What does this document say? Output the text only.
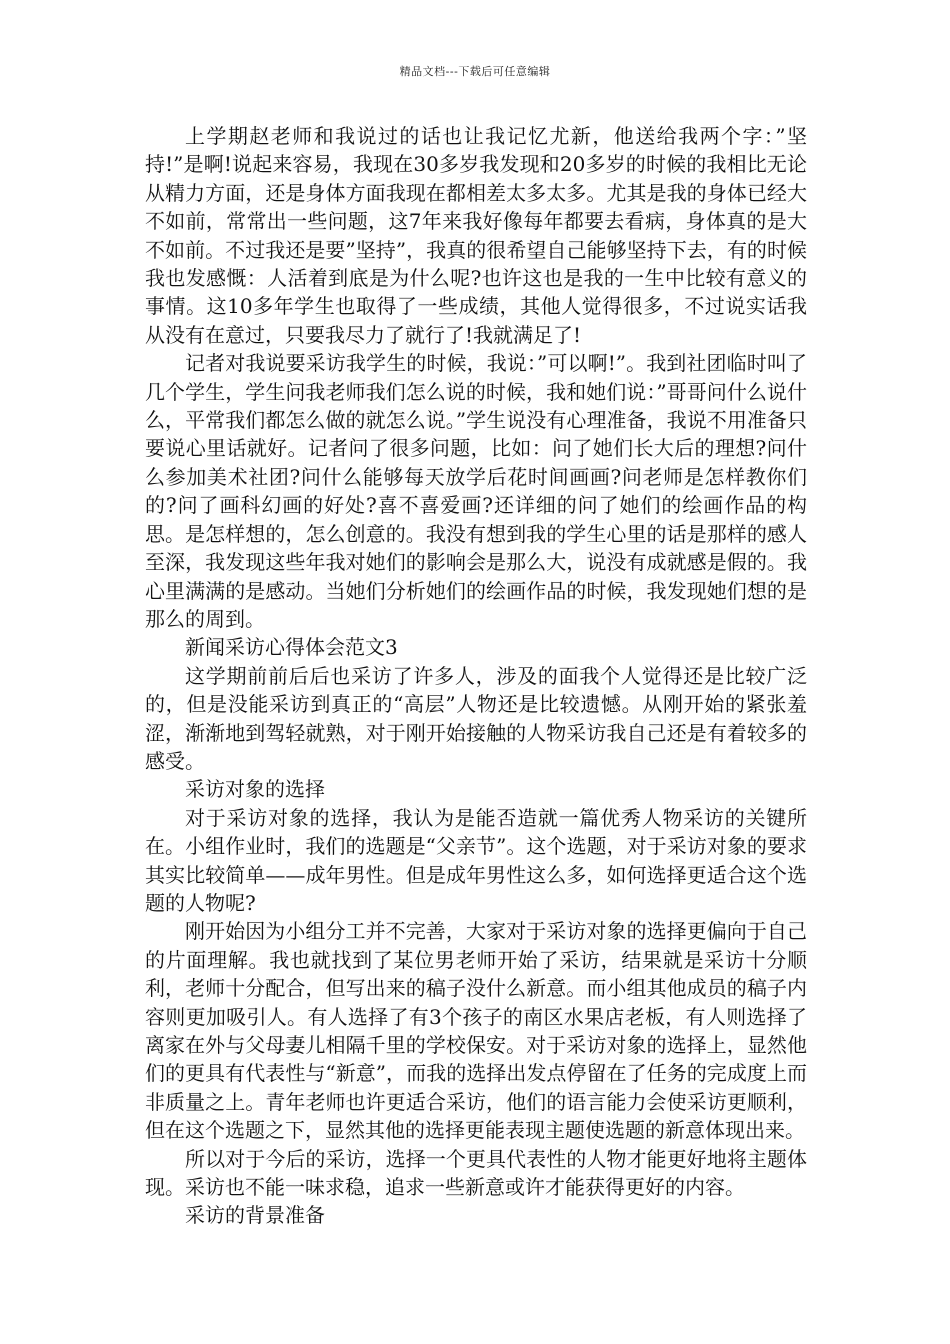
精品文档---下载后可任意编辑

上学期赵老师和我说过的话也让我记忆尤新，他送给我两个字：”坚持!”是啊!说起来容易，我现在30多岁我发现和20多岁的时候的我相比无论从精力方面，还是身体方面我现在都相差太多太多。尤其是我的身体已经大不如前，常常出一些问题，这7年来我好像每年都要去看病，身体真的是大不如前。不过我还是要”坚持”，我真的很希望自己能够坚持下去，有的时候我也发感慨：人活着到底是为什么呢?也许这也是我的一生中比较有意义的事情。这10多年学生也取得了一些成绩，其他人觉得很多，不过说实话我从没有在意过，只要我尽力了就行了!我就满足了!

记者对我说要采访我学生的时候，我说：”可以啊!”。我到社团临时叫了几个学生，学生问我老师我们怎么说的时候，我和她们说：”哥哥问什么说什么，平常我们都怎么做的就怎么说。”学生说没有心理准备，我说不用准备只要说心里话就好。记者问了很多问题，比如：问了她们长大后的理想?问什么参加美术社团?问什么能够每天放学后花时间画画?问老师是怎样教你们的?问了画科幻画的好处?喜不喜爱画?还详细的问了她们的绘画作品的构思。是怎样想的，怎么创意的。我没有想到我的学生心里的话是那样的感人至深，我发现这些年我对她们的影响会是那么大，说没有成就感是假的。我心里满满的是感动。当她们分析她们的绘画作品的时候，我发现她们想的是那么的周到。

新闻采访心得体会范文3

这学期前前后后也采访了许多人，涉及的面我个人觉得还是比较广泛的，但是没能采访到真正的“高层”人物还是比较遗憾。从刚开始的紧张羞涩，渐渐地到驾轻就熟，对于刚开始接触的人物采访我自己还是有着较多的感受。

采访对象的选择

对于采访对象的选择，我认为是能否造就一篇优秀人物采访的关键所在。小组作业时，我们的选题是“父亲节”。这个选题，对于采访对象的要求其实比较简单——成年男性。但是成年男性这么多，如何选择更适合这个选题的人物呢?

刚开始因为小组分工并不完善，大家对于采访对象的选择更偏向于自己的片面理解。我也就找到了某位男老师开始了采访，结果就是采访十分顺利，老师十分配合，但写出来的稿子没什么新意。而小组其他成员的稿子内容则更加吸引人。有人选择了有3个孩子的南区水果店老板，有人则选择了离家在外与父母妻儿相隔千里的学校保安。对于采访对象的选择上，显然他们的更具有代表性与“新意”，而我的选择出发点停留在了任务的完成度上而非质量之上。青年老师也许更适合采访，他们的语言能力会使采访更顺利，但在这个选题之下，显然其他的选择更能表现主题使选题的新意体现出来。

所以对于今后的采访，选择一个更具代表性的人物才能更好地将主题体现。采访也不能一味求稳，追求一些新意或许才能获得更好的内容。

采访的背景准备
